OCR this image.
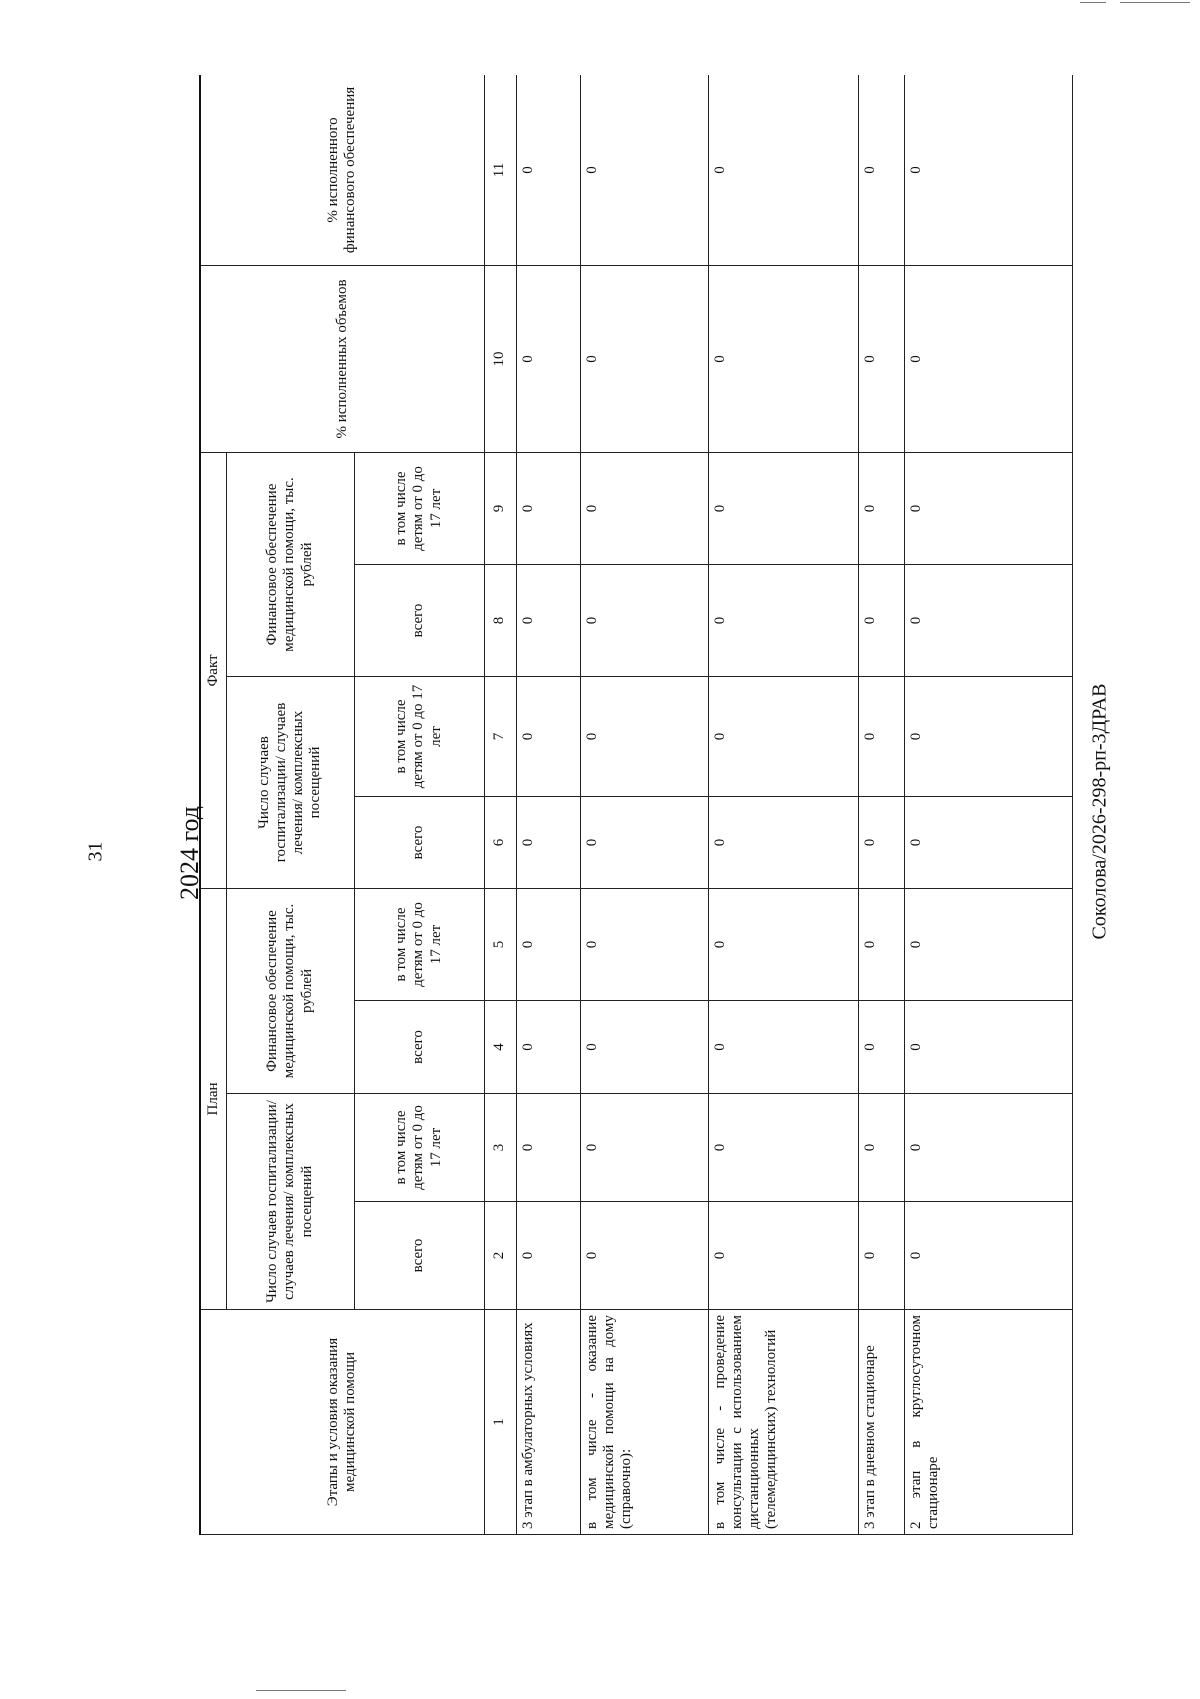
31	2024 год	Соколова/2026-298-рп-3ДРАВ
Этапы и условия оказания медицинской помощи	План				Факт				% исполненных объемов	% исполненного финансового обеспечения
	Число случаев госпитализации/ случаев лечения/ комплексных посещений		Финансовое обеспечение медицинской помощи, тыс. рублей		Число случаев госпитализации/ случаев лечения/ комплексных посещений		Финансовое обеспечение медицинской помощи, тыс. рублей			
	всего	в том числе детям от 0 до 17 лет	всего	в том числе детям от 0 до 17 лет	всего	в том числе детям от 0 до 17 лет	всего	в том числе детям от 0 до 17 лет		
1	2	3	4	5	6	7	8	9	10	11
3 этап в амбулаторных условиях	0	0	0	0	0	0	0	0	0	0
в том числе - оказание медицинской помощи на дому (справочно):	0	0	0	0	0	0	0	0	0	0
в том числе - проведение консультации с использованием дистанционных (телемедицинских) технологий	0	0	0	0	0	0	0	0	0	0
3 этап в дневном стационаре	0	0	0	0	0	0	0	0	0	0
2 этап в круглосуточном стационаре	0	0	0	0	0	0	0	0	0	0
